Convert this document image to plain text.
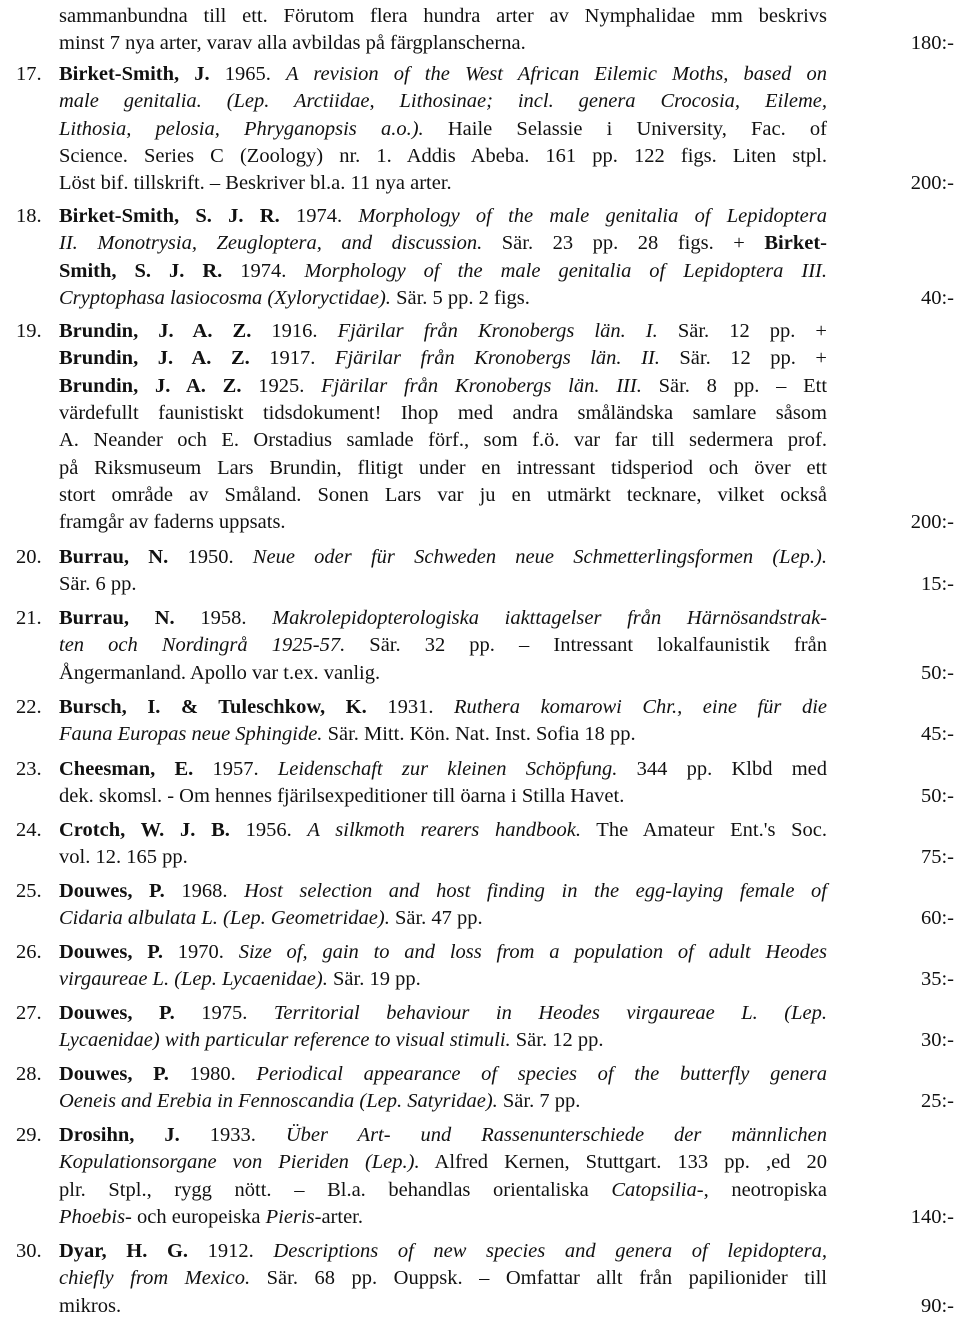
sammanbundna till ett. Förutom flera hundra arter av Nymphalidae mm beskrivs
minst 7 nya arter, varav alla avbildas på färgplanscherna.	180:-
17. Birket-Smith, J. 1965. A revision of the West African Eilemic Moths, based on
male genitalia. (Lep. Arctiidae, Lithosinae; incl. genera Crocosia, Eileme,
Lithosia, pelosia, Phryganopsis a.o.). Haile Selassie i University, Fac. of
Science. Series C (Zoology) nr. 1. Addis Abeba. 161 pp. 122 figs. Liten stpl.
Löst bif. tillskrift. – Beskriver bl.a. 11 nya arter.	200:-
18. Birket-Smith, S. J. R. 1974. Morphology of the male genitalia of Lepidoptera
II. Monotrysia, Zeugloptera, and discussion. Sär. 23 pp. 28 figs. + Birket-
Smith, S. J. R. 1974. Morphology of the male genitalia of Lepidoptera III.
Cryptophasa lasiocosma (Xyloryctidae). Sär. 5 pp. 2 figs.	40:-
19. Brundin, J. A. Z. 1916. Fjärilar från Kronobergs län. I. Sär. 12 pp. +
Brundin, J. A. Z. 1917. Fjärilar från Kronobergs län. II. Sär. 12 pp. +
Brundin, J. A. Z. 1925. Fjärilar från Kronobergs län. III. Sär. 8 pp. – Ett
värdefullt faunistiskt tidsdokument! Ihop med andra småländska samlare såsom
A. Neander och E. Orstadius samlade förf., som f.ö. var far till sedermera prof.
på Riksmuseum Lars Brundin, flitigt under en intressant tidsperiod och över ett
stort område av Småland. Sonen Lars var ju en utmärkt tecknare, vilket också
framgår av faderns uppsats.	200:-
20. Burrau, N. 1950. Neue oder für Schweden neue Schmetterlingsformen (Lep.).
Sär. 6 pp.	15:-
21. Burrau, N. 1958. Makrolepidopterologiska iakttagelser från Härnösandstrak-
ten och Nordingrå 1925-57. Sär. 32 pp. – Intressant lokalfaunistik från
Ångermanland. Apollo var t.ex. vanlig.	50:-
22. Bursch, I. & Tuleschkow, K. 1931. Ruthera komarowi Chr., eine für die
Fauna Europas neue Sphingide. Sär. Mitt. Kön. Nat. Inst. Sofia 18 pp.	45:-
23. Cheesman, E. 1957. Leidenschaft zur kleinen Schöpfung. 344 pp. Klbd med
dek. skomsl. - Om hennes fjärilsexpeditioner till öarna i Stilla Havet.	50:-
24. Crotch, W. J. B. 1956. A silkmoth rearers handbook. The Amateur Ent.'s Soc.
vol. 12. 165 pp.	75:-
25. Douwes, P. 1968. Host selection and host finding in the egg-laying female of
Cidaria albulata L. (Lep. Geometridae). Sär. 47 pp.	60:-
26. Douwes, P. 1970. Size of, gain to and loss from a population of adult Heodes
virgaureae L. (Lep. Lycaenidae). Sär. 19 pp.	35:-
27. Douwes, P. 1975. Territorial behaviour in Heodes virgaureae L. (Lep.
Lycaenidae) with particular reference to visual stimuli. Sär. 12 pp.	30:-
28. Douwes, P. 1980. Periodical appearance of species of the butterfly genera
Oeneis and Erebia in Fennoscandia (Lep. Satyridae). Sär. 7 pp.	25:-
29. Drosihn, J. 1933. Über Art- und Rassenunterschiede der männlichen
Kopulationsorgane von Pieriden (Lep.). Alfred Kernen, Stuttgart. 133 pp. ,ed 20
plr. Stpl., rygg nött. – Bl.a. behandlas orientaliska Catopsilia-, neotropiska
Phoebis- och europeiska Pieris-arter.	140:-
30. Dyar, H. G. 1912. Descriptions of new species and genera of lepidoptera,
chiefly from Mexico. Sär. 68 pp. Ouppsk. – Omfattar allt från papilionider till
mikros.	90:-
